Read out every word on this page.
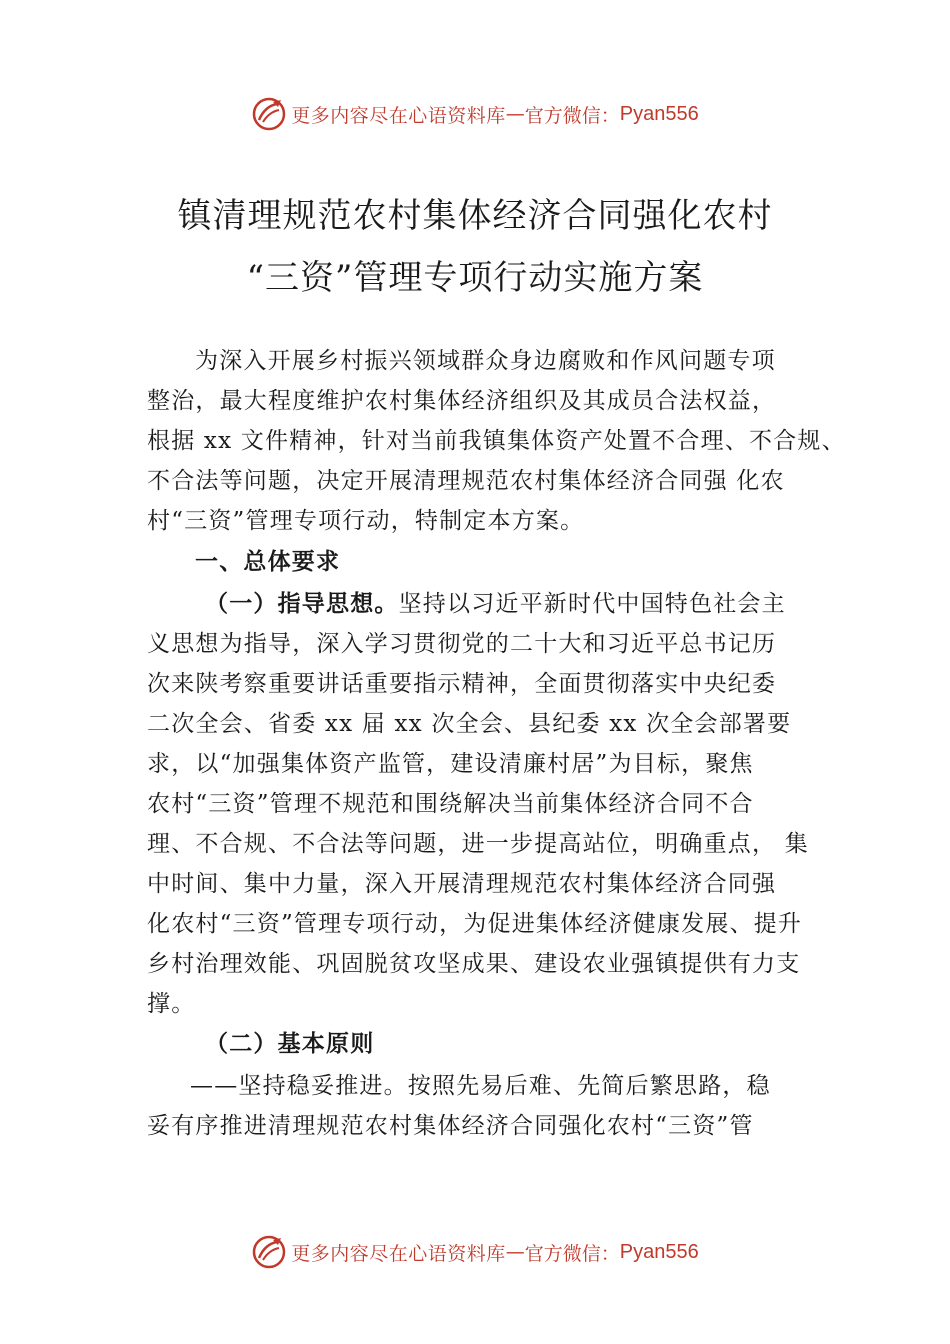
更多内容尽在心语资料库 — 官方微信： Pyan556
镇清理规范农村集体经济合同强化农村
“三资”管理专项行动实施方案
为深入开展乡村振兴领域群众身边腐败和作风问题专项
整治，最大程度维护农村集体经济组织及其成员合法权益，
根据 xx 文件精神，针对当前我镇集体资产处置不合理、不合规、
不合法等问题，决定开展清理规范农村集体经济合同强 化农
村“三资”管理专项行动，特制定本方案。
一、总体要求
（一）指导思想。坚持以习近平新时代中国特色社会主
义思想为指导，深入学习贯彻党的二十大和习近平总书记历
次来陕考察重要讲话重要指示精神，全面贯彻落实中央纪委
二次全会、省委 xx 届 xx 次全会、县纪委 xx 次全会部署要
求，以“加强集体资产监管，建设清廉村居”为目标，聚焦
农村“三资”管理不规范和围绕解决当前集体经济合同不合
理、不合规、不合法等问题，进一步提高站位，明确重点， 集
中时间、集中力量，深入开展清理规范农村集体经济合同强
化农村“三资”管理专项行动，为促进集体经济健康发展、提升
乡村治理效能、巩固脱贫攻坚成果、建设农业强镇提供有力支
撑。
（二）基本原则
——坚持稳妥推进。按照先易后难、先简后繁思路，稳
妥有序推进清理规范农村集体经济合同强化农村“三资”管
更多内容尽在心语资料库 — 官方微信： Pyan556
